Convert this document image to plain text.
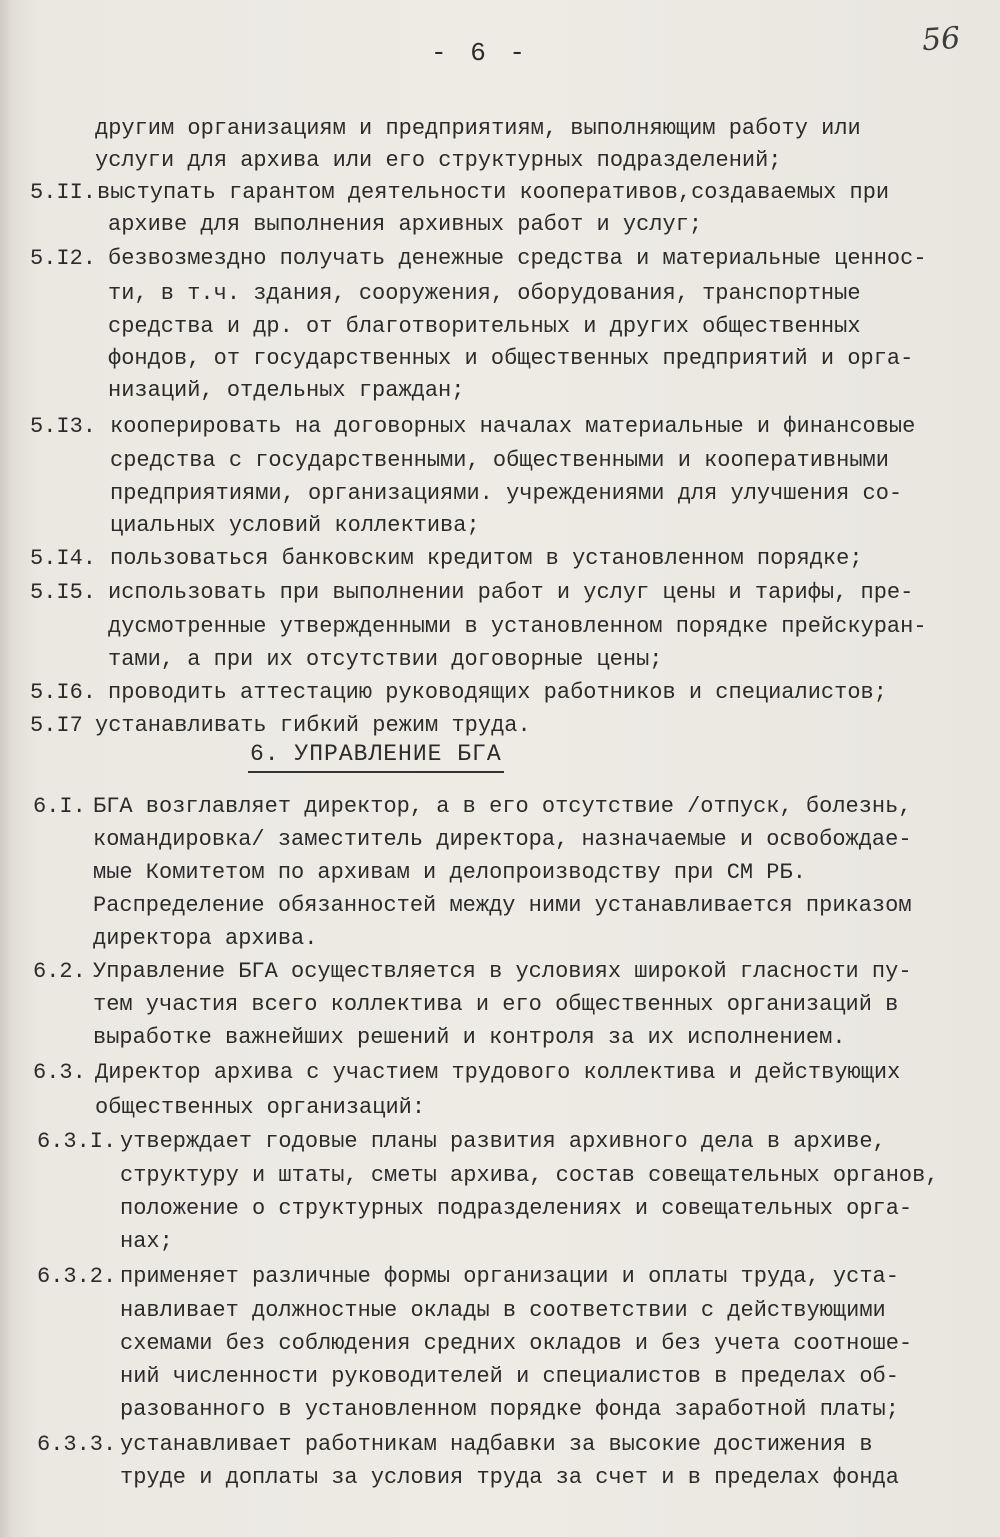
- 6 -	56
другим организациям и предприятиям, выполняющим работу или
услуги для архива или его структурных подразделений;
5.II. выступать гарантом деятельности кооперативов,создаваемых при
архиве для выполнения архивных работ и услуг;
5.I2. безвозмездно получать денежные средства и материальные ценнос-
ти, в т.ч. здания, сооружения, оборудования, транспортные
средства и др. от благотворительных и других общественных
фондов, от государственных и общественных предприятий и орга-
низаций, отдельных граждан;
5.I3. кооперировать на договорных началах материальные и финансовые
средства с государственными, общественными и кооперативными
предприятиями, организациями. учреждениями для улучшения со-
циальных условий коллектива;
5.I4. пользоваться банковским кредитом в установленном порядке;
5.I5. использовать при выполнении работ и услуг цены и тарифы, пре-
дусмотренные утвержденными в установленном порядке прейскуран-
тами, а при их отсутствии договорные цены;
5.I6. проводить аттестацию руководящих работников и специалистов;
5.I7 устанавливать гибкий режим труда.
6. УПРАВЛЕНИЕ БГА
6.I. БГА возглавляет директор, а в его отсутствие /отпуск, болезнь,
командировка/ заместитель директора, назначаемые и освобождае-
мые Комитетом по архивам и делопроизводству при СМ РБ.
Распределение обязанностей между ними устанавливается приказом
директора архива.
6.2. Управление БГА осуществляется в условиях широкой гласности пу-
тем участия всего коллектива и его общественных организаций в
выработке важнейших решений и контроля за их исполнением.
6.3. Директор архива с участием трудового коллектива и действующих
общественных организаций:
6.3.I. утверждает годовые планы развития архивного дела в архиве,
структуру и штаты, сметы архива, состав совещательных органов,
положение о структурных подразделениях и совещательных орга-
нах;
6.3.2. применяет различные формы организации и оплаты труда, уста-
навливает должностные оклады в соответствии с действующими
схемами без соблюдения средних окладов и без учета соотноше-
ний численности руководителей и специалистов в пределах об-
разованного в установленном порядке фонда заработной платы;
6.3.3. устанавливает работникам надбавки за высокие достижения в
труде и доплаты за условия труда за счет и в пределах фонда
